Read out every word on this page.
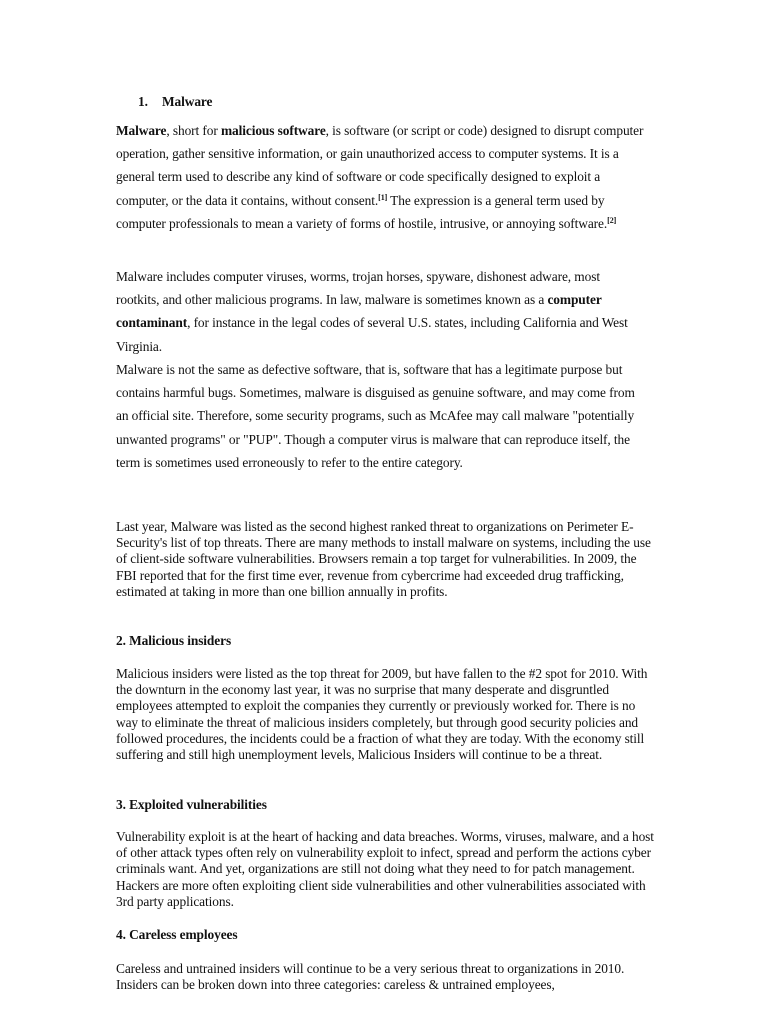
1. Malware

Malware, short for malicious software, is software (or script or code) designed to disrupt computer operation, gather sensitive information, or gain unauthorized access to computer systems. It is a general term used to describe any kind of software or code specifically designed to exploit a computer, or the data it contains, without consent.[1] The expression is a general term used by computer professionals to mean a variety of forms of hostile, intrusive, or annoying software.[2]

Malware includes computer viruses, worms, trojan horses, spyware, dishonest adware, most rootkits, and other malicious programs. In law, malware is sometimes known as a computer contaminant, for instance in the legal codes of several U.S. states, including California and West Virginia.

Malware is not the same as defective software, that is, software that has a legitimate purpose but contains harmful bugs. Sometimes, malware is disguised as genuine software, and may come from an official site. Therefore, some security programs, such as McAfee may call malware "potentially unwanted programs" or "PUP". Though a computer virus is malware that can reproduce itself, the term is sometimes used erroneously to refer to the entire category.

Last year, Malware was listed as the second highest ranked threat to organizations on Perimeter E-Security's list of top threats. There are many methods to install malware on systems, including the use of client-side software vulnerabilities. Browsers remain a top target for vulnerabilities. In 2009, the FBI reported that for the first time ever, revenue from cybercrime had exceeded drug trafficking, estimated at taking in more than one billion annually in profits.

2. Malicious insiders

Malicious insiders were listed as the top threat for 2009, but have fallen to the #2 spot for 2010. With the downturn in the economy last year, it was no surprise that many desperate and disgruntled employees attempted to exploit the companies they currently or previously worked for. There is no way to eliminate the threat of malicious insiders completely, but through good security policies and followed procedures, the incidents could be a fraction of what they are today. With the economy still suffering and still high unemployment levels, Malicious Insiders will continue to be a threat.

3. Exploited vulnerabilities

Vulnerability exploit is at the heart of hacking and data breaches. Worms, viruses, malware, and a host of other attack types often rely on vulnerability exploit to infect, spread and perform the actions cyber criminals want. And yet, organizations are still not doing what they need to for patch management. Hackers are more often exploiting client side vulnerabilities and other vulnerabilities associated with 3rd party applications.

4. Careless employees

Careless and untrained insiders will continue to be a very serious threat to organizations in 2010. Insiders can be broken down into three categories: careless & untrained employees,
